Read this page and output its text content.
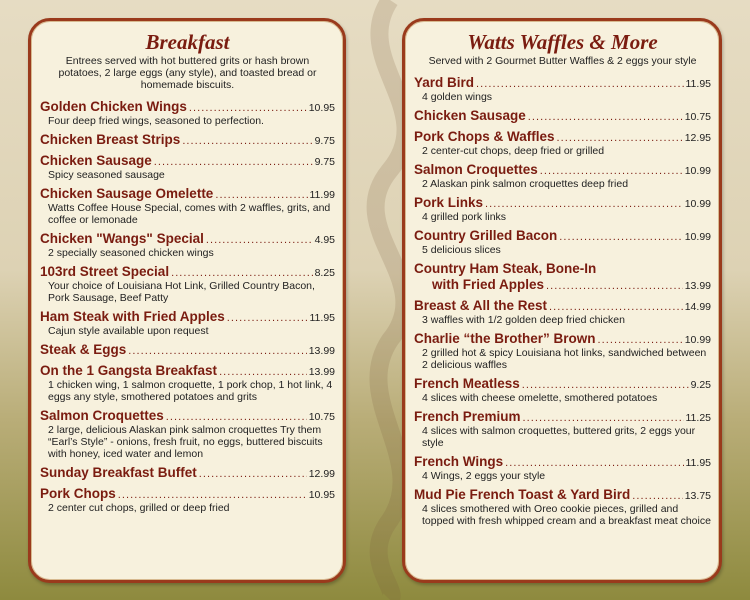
Breakfast
Entrees served with hot buttered grits or hash brown potatoes, 2 large eggs (any style), and toasted bread or homemade biscuits.
Golden Chicken Wings . . .	10.95
Four deep fried wings, seasoned to perfection.
Chicken Breast Strips . . .	9.75
Chicken Sausage . . .	9.75
Spicy seasoned sausage
Chicken Sausage Omelette . . .	11.99
Watts Coffee House Special, comes with 2 waffles, grits, and coffee or lemonade
Chicken "Wangs" Special . . .	4.95
2 specially seasoned chicken wings
103rd Street Special . . .	8.25
Your choice of Louisiana Hot Link, Grilled Country Bacon, Pork Sausage, Beef Patty
Ham Steak with Fried Apples . . .	11.95
Cajun style available upon request
Steak & Eggs . . .	13.99
On the 1 Gangsta Breakfast . . .	13.99
1 chicken wing, 1 salmon croquette, 1 pork chop, 1 hot link, 4 eggs any style, smothered potatoes and grits
Salmon Croquettes . . .	10.75
2 large, delicious Alaskan pink salmon croquettes Try them “Earl’s Style” - onions, fresh fruit, no eggs, buttered biscuits with honey, iced water and lemon
Sunday Breakfast Buffet . . .	12.99
Pork Chops . . .	10.95
2 center cut chops, grilled or deep fried
Watts Waffles & More
Served with 2 Gourmet Butter Waffles & 2 eggs your style
Yard Bird . . .	11.95
4 golden wings
Chicken Sausage . . .	10.75
Pork Chops & Waffles . . .	12.95
2 center-cut chops, deep fried or grilled
Salmon Croquettes . . .	10.99
2 Alaskan pink salmon croquettes deep fried
Pork Links . . .	10.99
4 grilled pork links
Country Grilled Bacon . . .	10.99
5 delicious slices
Country Ham Steak, Bone-In
with Fried Apples . . .	13.99
Breast & All the Rest . . .	14.99
3 waffles with 1/2 golden deep fried chicken
Charlie “the Brother” Brown . . .	10.99
2 grilled hot & spicy Louisiana hot links, sandwiched between 2 delicious waffles
French Meatless . . .	9.25
4 slices with cheese omelette, smothered potatoes
French Premium . . .	11.25
4 slices with salmon croquettes, buttered grits, 2 eggs your style
French Wings . . .	11.95
4 Wings, 2 eggs your style
Mud Pie French Toast & Yard Bird . . .	13.75
4 slices smothered with Oreo cookie pieces, grilled and topped with fresh whipped cream and a breakfast meat choice
